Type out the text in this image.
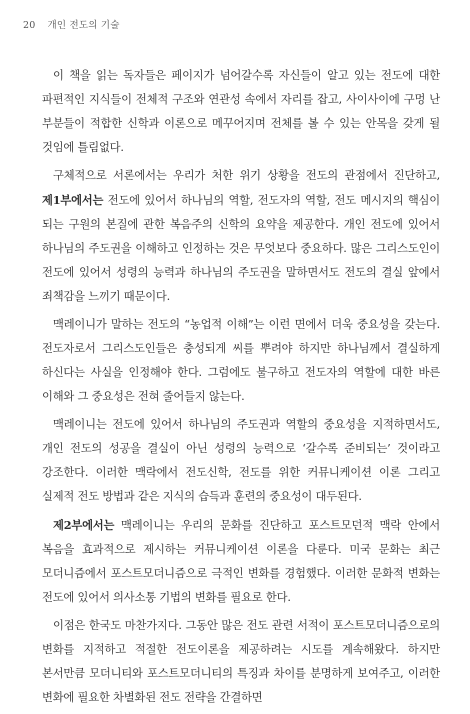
20 개인 전도의 기술

이 책을 읽는 독자들은 페이지가 넘어갈수록 자신들이 알고 있는 전도에 대한 파편적인 지식들이 전체적 구조와 연관성 속에서 자리를 잡고, 사이사이에 구멍 난 부분들이 적합한 신학과 이론으로 메꾸어지며 전체를 볼 수 있는 안목을 갖게 될 것임에 틀림없다.

구체적으로 서론에서는 우리가 처한 위기 상황을 전도의 관점에서 진단하고, 제1부에서는 전도에 있어서 하나님의 역할, 전도자의 역할, 전도 메시지의 핵심이 되는 구원의 본질에 관한 복음주의 신학의 요약을 제공한다. 개인 전도에 있어서 하나님의 주도권을 이해하고 인정하는 것은 무엇보다 중요하다. 많은 그리스도인이 전도에 있어서 성령의 능력과 하나님의 주도권을 말하면서도 전도의 결실 앞에서 죄책감을 느끼기 때문이다.

맥레이니가 말하는 전도의 “농업적 이해”는 이런 면에서 더욱 중요성을 갖는다. 전도자로서 그리스도인들은 충성되게 씨를 뿌려야 하지만 하나님께서 결실하게 하신다는 사실을 인정해야 한다. 그럼에도 불구하고 전도자의 역할에 대한 바른 이해와 그 중요성은 전혀 줄어들지 않는다.

맥레이니는 전도에 있어서 하나님의 주도권과 역할의 중요성을 지적하면서도, 개인 전도의 성공을 결실이 아닌 성령의 능력으로 ‘갈수록 준비되는’ 것이라고 강조한다. 이러한 맥락에서 전도신학, 전도를 위한 커뮤니케이션 이론 그리고 실제적 전도 방법과 같은 지식의 습득과 훈련의 중요성이 대두된다.

제2부에서는 맥레이니는 우리의 문화를 진단하고 포스트모던적 맥락 안에서 복음을 효과적으로 제시하는 커뮤니케이션 이론을 다룬다. 미국 문화는 최근 모더니즘에서 포스트모더니즘으로 극적인 변화를 경험했다. 이러한 문화적 변화는 전도에 있어서 의사소통 기법의 변화를 필요로 한다.

이점은 한국도 마찬가지다. 그동안 많은 전도 관련 서적이 포스트모더니즘으로의 변화를 지적하고 적절한 전도이론을 제공하려는 시도를 계속해왔다. 하지만 본서만큼 모더니티와 포스트모더니티의 특징과 차이를 분명하게 보여주고, 이러한 변화에 필요한 차별화된 전도 전략을 간결하면
